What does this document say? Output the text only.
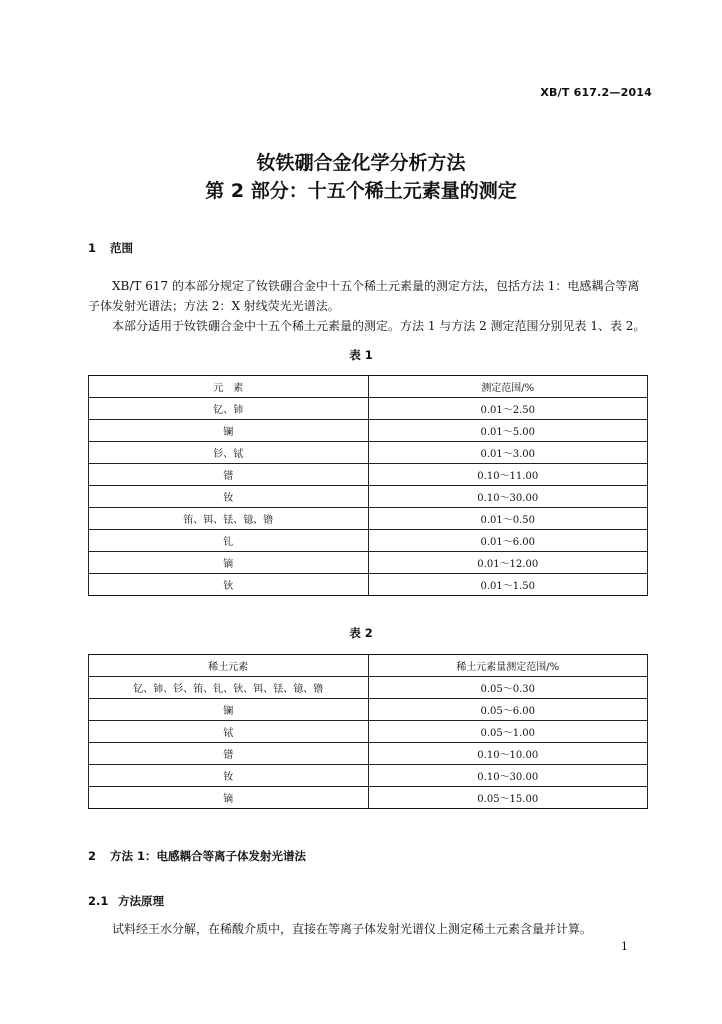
XB/T 617.2—2014
钕铁硼合金化学分析方法
第 2 部分：十五个稀土元素量的测定
1 范围
XB/T 617 的本部分规定了钕铁硼合金中十五个稀土元素量的测定方法，包括方法 1：电感耦合等离子体发射光谱法；方法 2：X 射线荧光光谱法。
本部分适用于钕铁硼合金中十五个稀土元素量的测定。方法 1 与方法 2 测定范围分别见表 1、表 2。
表 1
元　素	测定范围/%
钇、铈	0.01～2.50
镧	0.01～5.00
钐、铽	0.01～3.00
镨	0.10～11.00
钕	0.10～30.00
铕、铒、铥、镱、镥	0.01～0.50
钆	0.01～6.00
镝	0.01～12.00
钬	0.01～1.50
表 2
稀土元素	稀土元素量测定范围/%
钇、铈、钐、铕、钆、钬、铒、铥、镱、镥	0.05～0.30
镧	0.05～6.00
铽	0.05～1.00
镨	0.10～10.00
钕	0.10～30.00
镝	0.05～15.00
2 方法 1：电感耦合等离子体发射光谱法
2.1 方法原理
试料经王水分解，在稀酸介质中，直接在等离子体发射光谱仪上测定稀土元素含量并计算。
1
